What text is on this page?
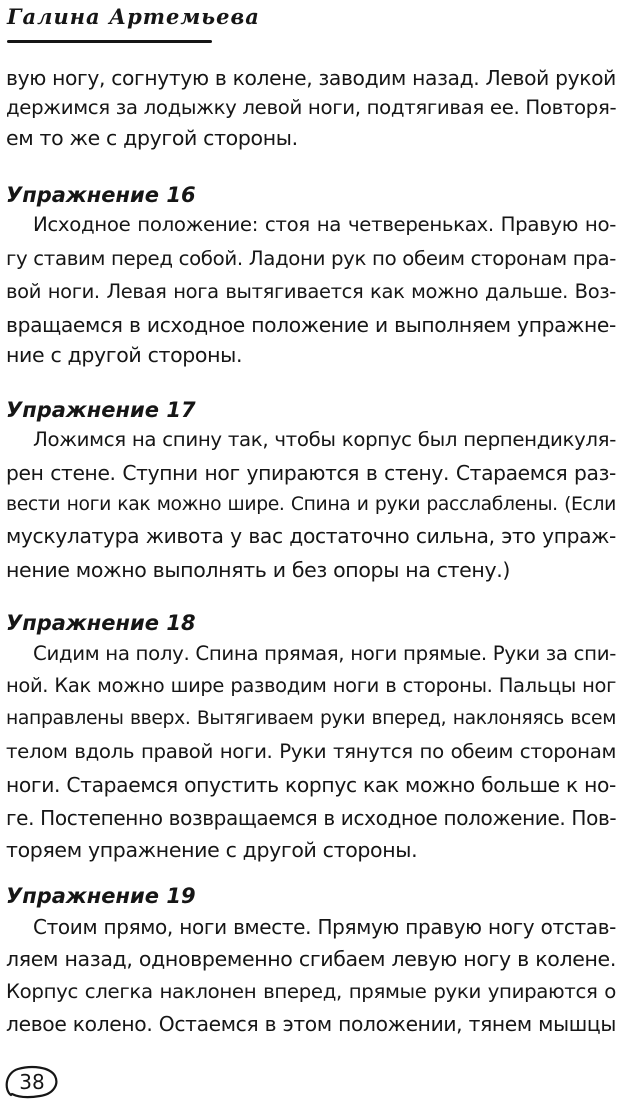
Галина Артемьева
вую ногу, согнутую в колене, заводим назад. Левой рукой
держимся за лодыжку левой ноги, подтягивая ее. Повторя-
ем то же с другой стороны.
Упражнение 16
Исходное положение: стоя на четвереньках. Правую но-
гу ставим перед собой. Ладони рук по обеим сторонам пра-
вой ноги. Левая нога вытягивается как можно дальше. Воз-
вращаемся в исходное положение и выполняем упражне-
ние с другой стороны.
Упражнение 17
Ложимся на спину так, чтобы корпус был перпендикуля-
рен стене. Ступни ног упираются в стену. Стараемся раз-
вести ноги как можно шире. Спина и руки расслаблены. (Если
мускулатура живота у вас достаточно сильна, это упраж-
нение можно выполнять и без опоры на стену.)
Упражнение 18
Сидим на полу. Спина прямая, ноги прямые. Руки за спи-
ной. Как можно шире разводим ноги в стороны. Пальцы ног
направлены вверх. Вытягиваем руки вперед, наклоняясь всем
телом вдоль правой ноги. Руки тянутся по обеим сторонам
ноги. Стараемся опустить корпус как можно больше к но-
ге. Постепенно возвращаемся в исходное положение. Пов-
торяем упражнение с другой стороны.
Упражнение 19
Стоим прямо, ноги вместе. Прямую правую ногу отстав-
ляем назад, одновременно сгибаем левую ногу в колене.
Корпус слегка наклонен вперед, прямые руки упираются о
левое колено. Остаемся в этом положении, тянем мышцы
38
